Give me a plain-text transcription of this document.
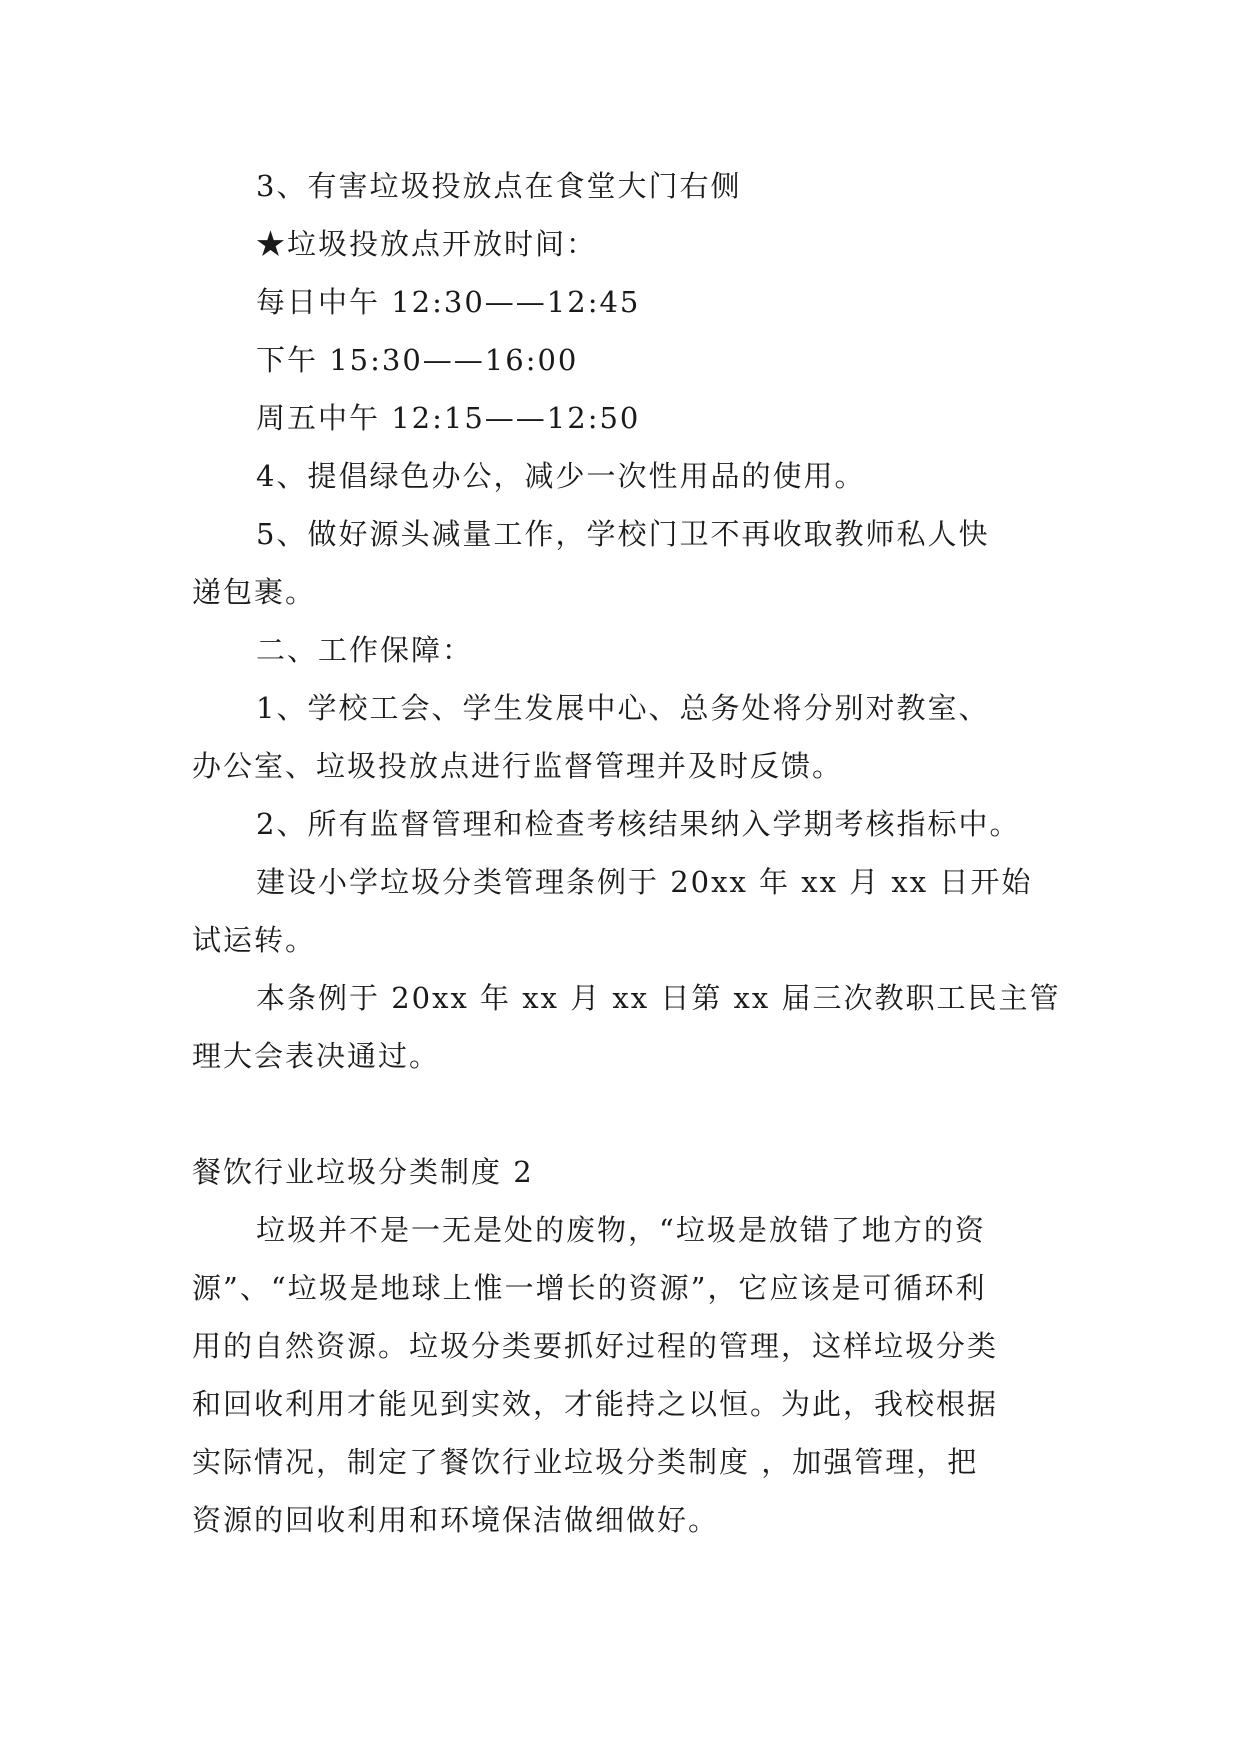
3、有害垃圾投放点在食堂大门右侧
★垃圾投放点开放时间：
每日中午 12:30——12:45
下午 15:30——16:00
周五中午 12:15——12:50
4、提倡绿色办公，减少一次性用品的使用。
5、做好源头减量工作，学校门卫不再收取教师私人快
递包裹。
二、工作保障：
1、学校工会、学生发展中心、总务处将分别对教室、
办公室、垃圾投放点进行监督管理并及时反馈。
2、所有监督管理和检查考核结果纳入学期考核指标中。
建设小学垃圾分类管理条例于 20xx 年 xx 月 xx 日开始
试运转。
本条例于 20xx 年 xx 月 xx 日第 xx 届三次教职工民主管
理大会表决通过。
餐饮行业垃圾分类制度 2
垃圾并不是一无是处的废物，“垃圾是放错了地方的资
源”、“垃圾是地球上惟一增长的资源”，它应该是可循环利
用的自然资源。垃圾分类要抓好过程的管理，这样垃圾分类
和回收利用才能见到实效，才能持之以恒。为此，我校根据
实际情况，制定了餐饮行业垃圾分类制度 ，加强管理，把
资源的回收利用和环境保洁做细做好。
